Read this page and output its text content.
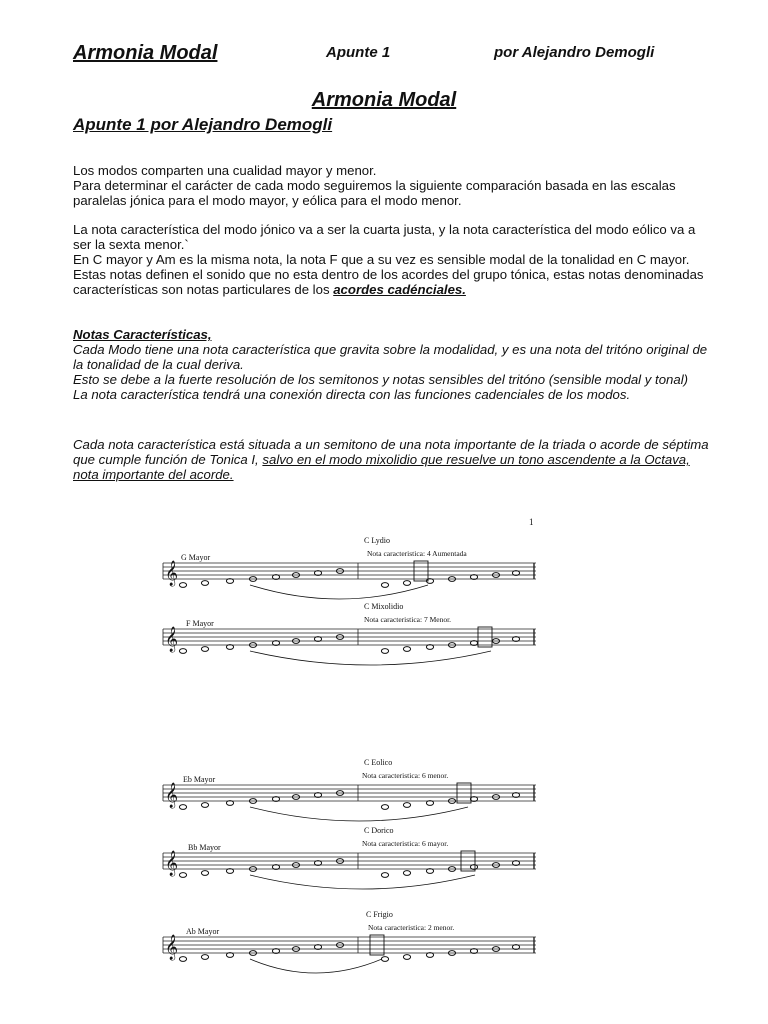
Armonia Modal	Apunte 1	por Alejandro Demogli
Armonia Modal
Apunte 1 por Alejandro Demogli

Los modos comparten una cualidad mayor y menor.

Para determinar el carácter de cada modo seguiremos la siguiente comparación basada en las escalas paralelas jónica para el modo mayor, y eólica para el modo menor.

La nota característica del modo jónico va a ser la cuarta justa, y la nota característica del modo eólico va a ser la sexta menor.`

En C mayor y Am es la misma nota, la nota F que a su vez es sensible modal de la tonalidad en C mayor.

Estas notas definen el sonido que no esta dentro de los acordes del grupo tónica, estas notas denominadas características son notas particulares de los acordes cadénciales.

Notas Características,

Cada Modo tiene una nota característica que gravita sobre la modalidad, y es una nota del tritóno original de la tonalidad de la cual deriva.

Esto se debe a la fuerte resolución de los semitonos y notas sensibles del tritóno (sensible modal y tonal)

La nota característica tendrá una conexión directa con las funciones cadenciales de los modos.

Cada nota característica está situada a un semitono de una nota importante de la triada o acorde de séptima que cumple función de Tonica I, salvo en el modo mixolidio que resuelve un tono ascendente a la Octava, nota importante del acorde.

1
𝄞
C Lydio
G Mayor	Nota caracteristica: 4 Aumentada
𝄞
C Mixolidio
F Mayor	Nota caracteristica: 7 Menor.
𝄞
C Eolico
Eb Mayor	Nota caracteristica: 6 menor.
𝄞
C Dorico
Bb Mayor	Nota caracteristica: 6 mayor.
𝄞
C Frigio
Ab Mayor	Nota caracteristica: 2 menor.
